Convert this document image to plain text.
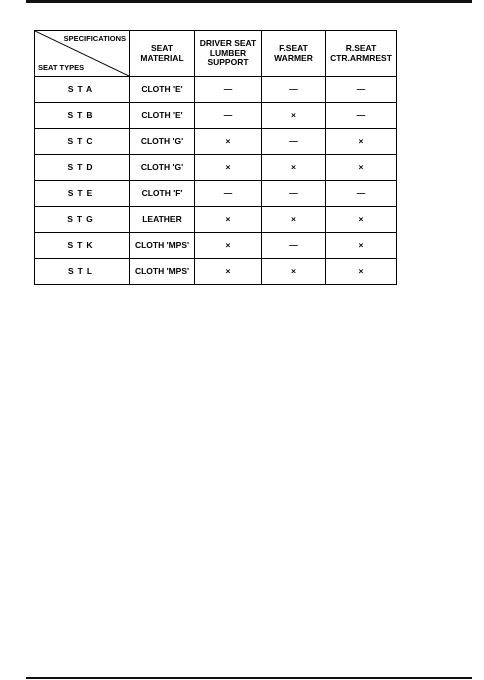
SPECIFICATIONS
SEAT TYPES	SEAT MATERIAL	DRIVER SEAT LUMBER SUPPORT	F.SEAT WARMER	R.SEAT CTR.ARMREST
STA	CLOTH 'E'	—	—	—
STB	CLOTH 'E'	—	×	—
STC	CLOTH 'G'	×	—	×
STD	CLOTH 'G'	×	×	×
STE	CLOTH 'F'	—	—	—
STG	LEATHER	×	×	×
STK	CLOTH 'MPS'	×	—	×
STL	CLOTH 'MPS'	×	×	×
